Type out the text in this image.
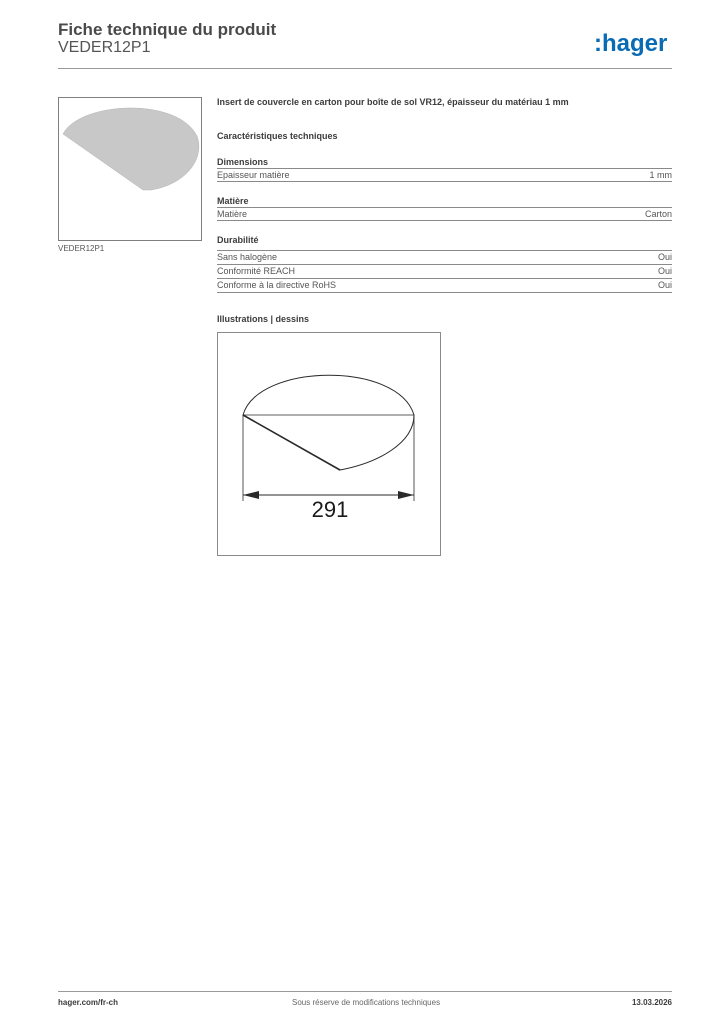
Fiche technique du produit
VEDER12P1	:hager
VEDER12P1
Insert de couvercle en carton pour boîte de sol VR12, épaisseur du matériau 1 mm
Caractéristiques techniques
Dimensions
Epaisseur matière	1 mm
Matière
Matière	Carton
Durabilité
Sans halogène	Oui
Conformité REACH	Oui
Conforme à la directive RoHS	Oui
Illustrations | dessins
291
hager.com/fr-ch	Sous réserve de modifications techniques	13.03.2026
